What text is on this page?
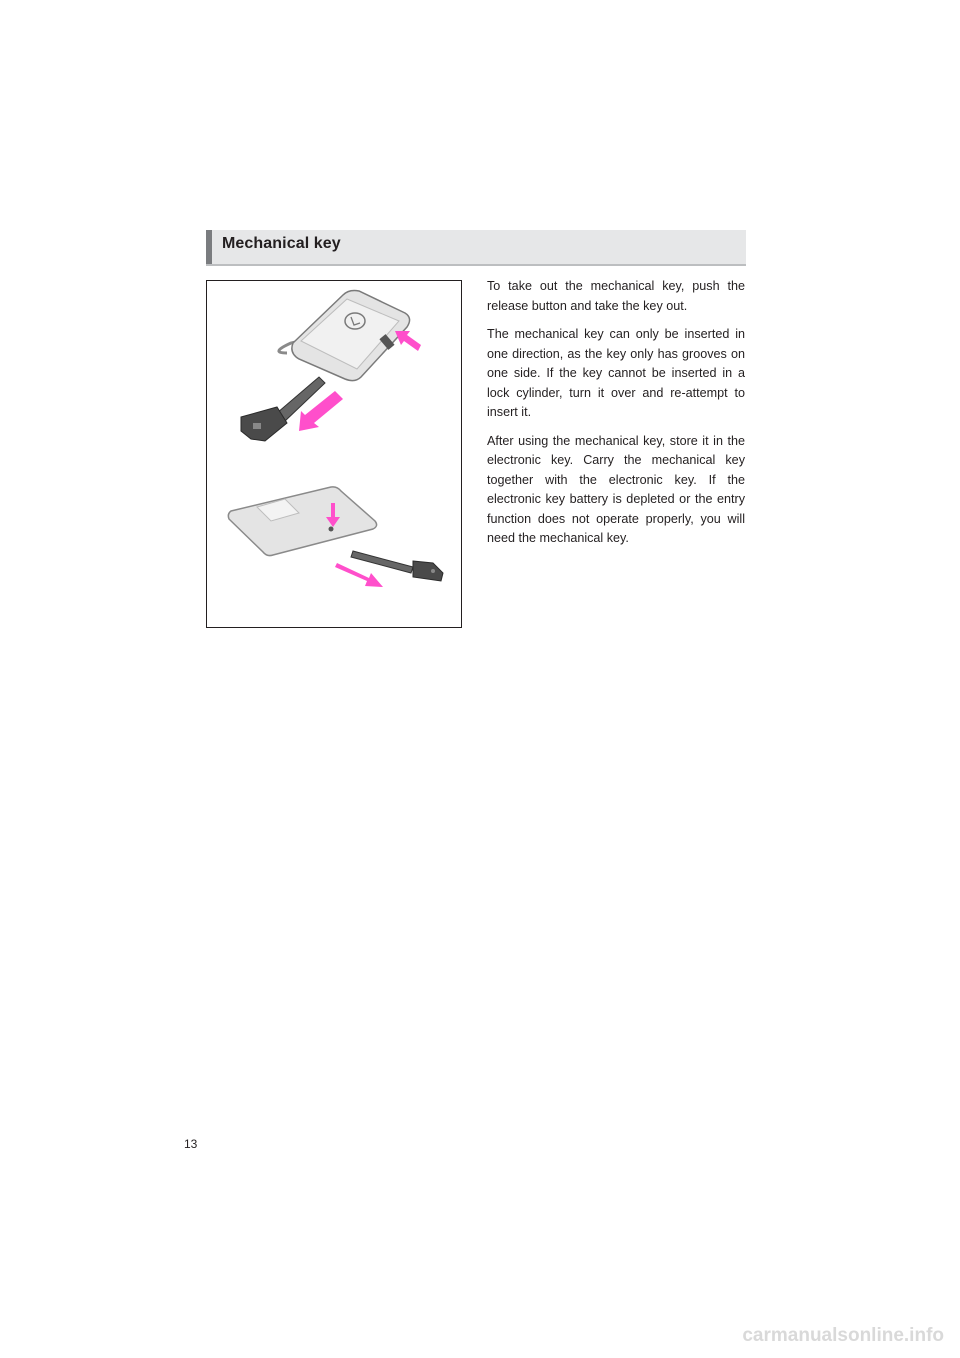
Mechanical key

To take out the mechanical key, push the release button and take the key out.

The mechanical key can only be inserted in one direction, as the key only has grooves on one side. If the key cannot be inserted in a lock cylinder, turn it over and re-attempt to insert it.

After using the mechanical key, store it in the electronic key. Carry the mechanical key together with the electronic key. If the electronic key battery is depleted or the entry function does not operate properly, you will need the mechanical key.

13
carmanualsonline.info
